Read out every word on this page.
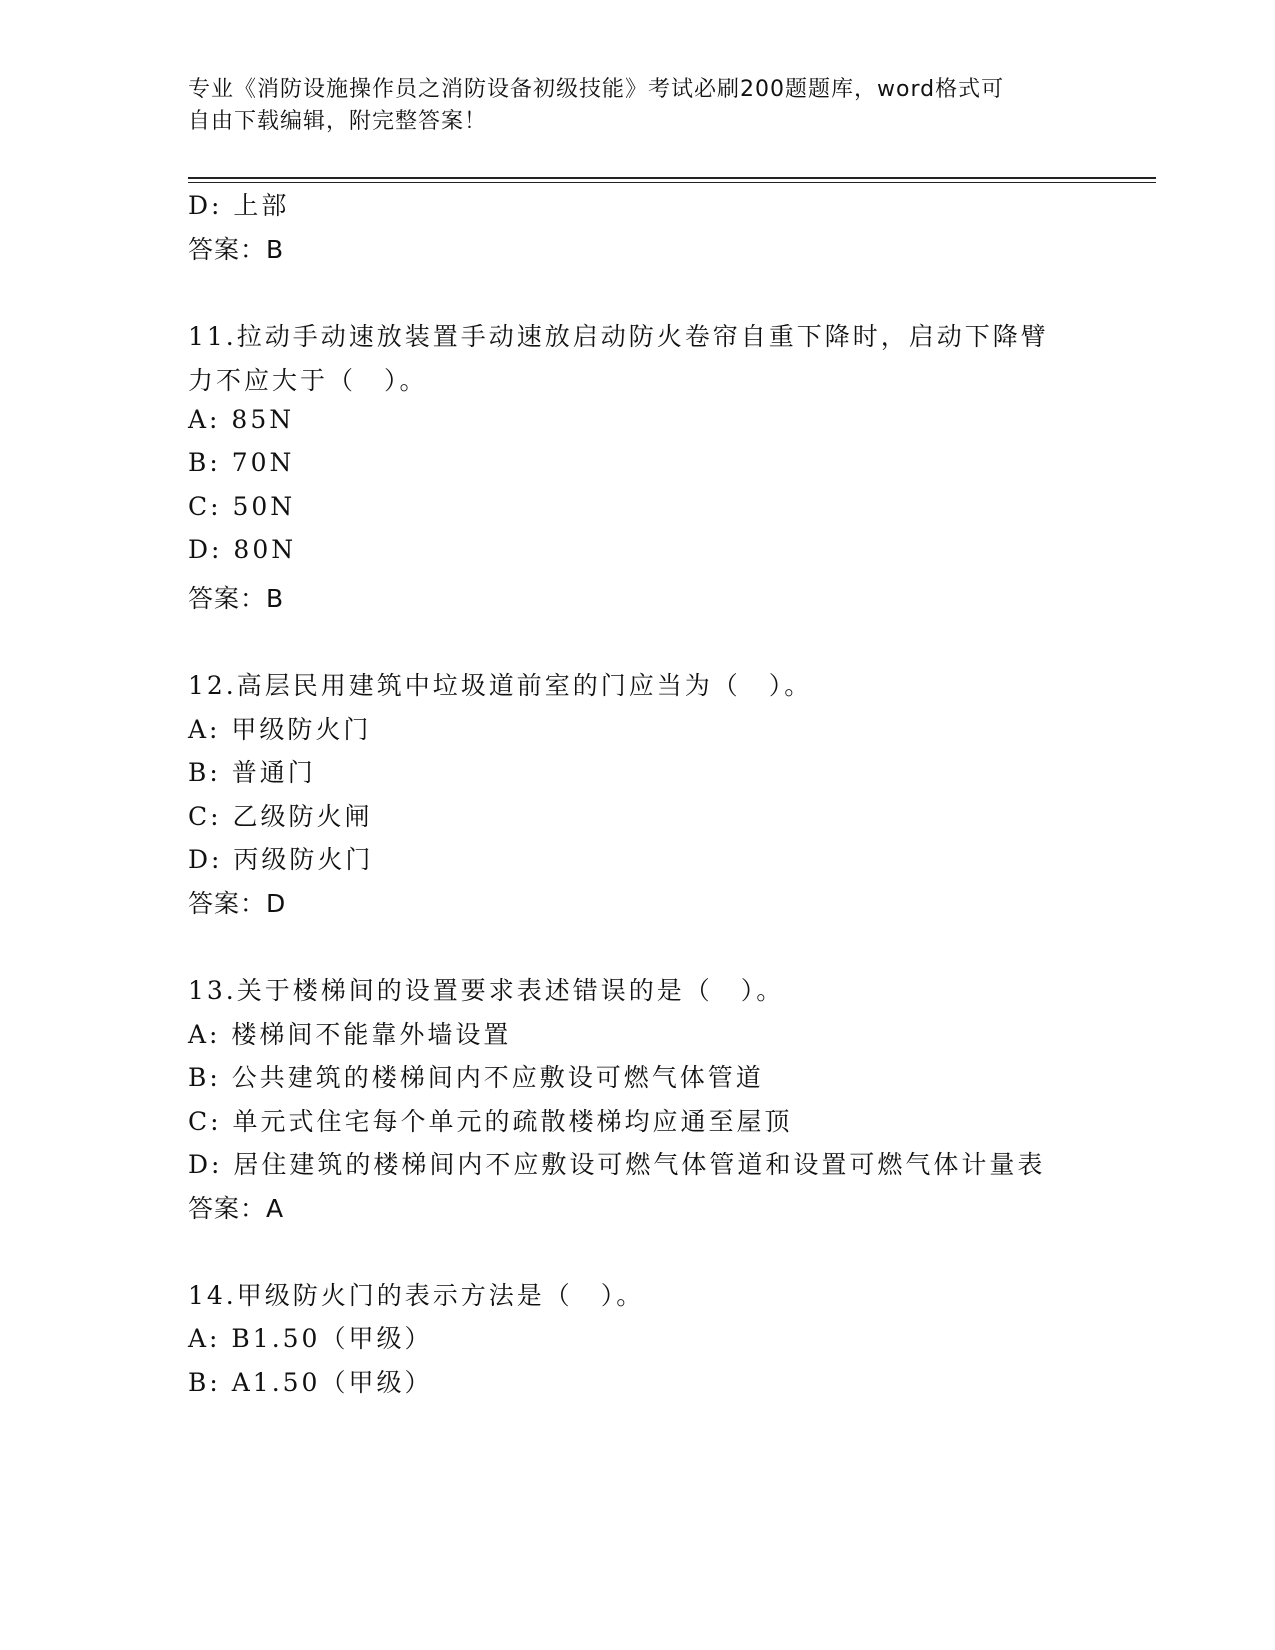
专业《消防设施操作员之消防设备初级技能》考试必刷200题题库，word格式可
自由下载编辑，附完整答案！
D: 上部
答案：B
11.拉动手动速放装置手动速放启动防火卷帘自重下降时，启动下降臂
力不应大于（　）。
A: 85N
B: 70N
C: 50N
D: 80N
答案：B
12.高层民用建筑中垃圾道前室的门应当为（　）。
A: 甲级防火门
B: 普通门
C: 乙级防火闸
D: 丙级防火门
答案：D
13.关于楼梯间的设置要求表述错误的是（　）。
A: 楼梯间不能靠外墙设置
B: 公共建筑的楼梯间内不应敷设可燃气体管道
C: 单元式住宅每个单元的疏散楼梯均应通至屋顶
D: 居住建筑的楼梯间内不应敷设可燃气体管道和设置可燃气体计量表
答案：A
14.甲级防火门的表示方法是（　）。
A: B1.50（甲级）
B: A1.50（甲级）
